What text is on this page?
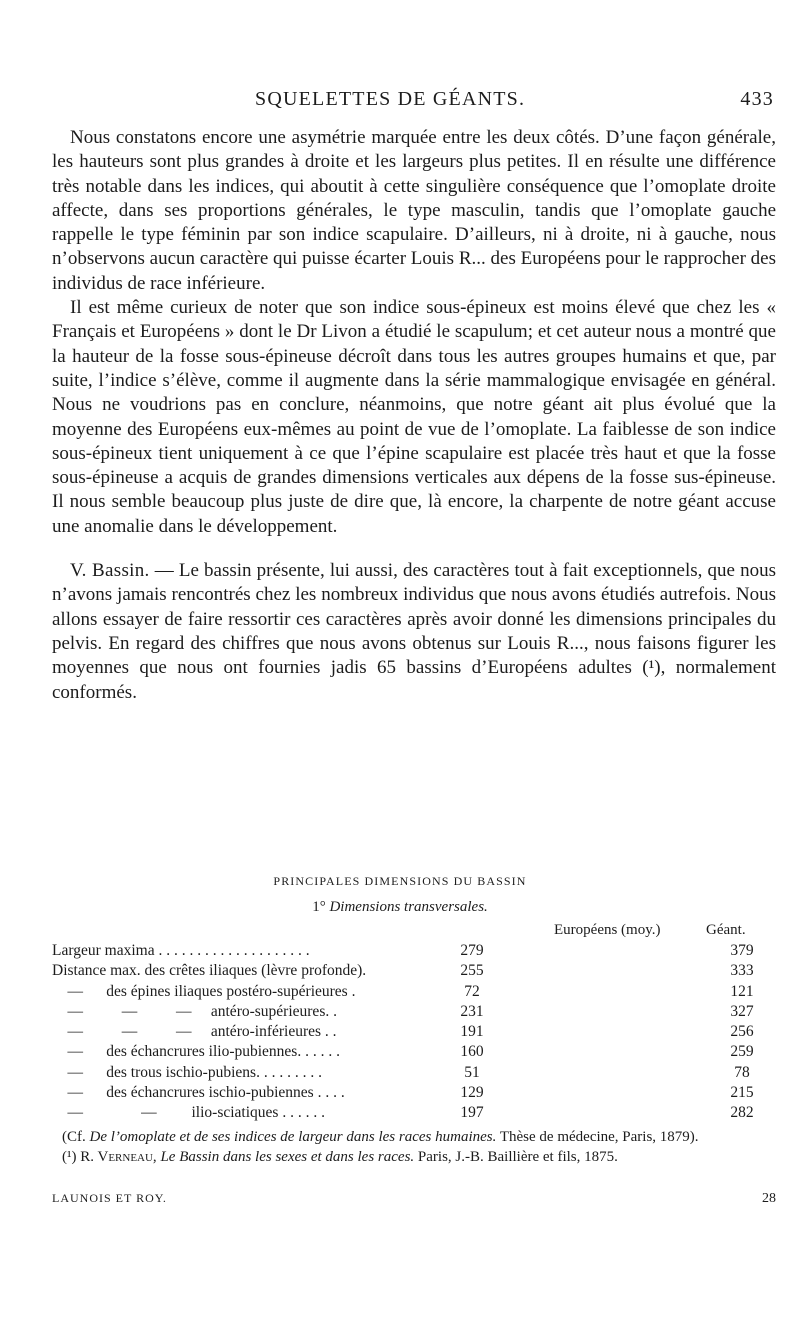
SQUELETTES DE GÉANTS.	433

Nous constatons encore une asymétrie marquée entre les deux côtés. D’une façon générale, les hauteurs sont plus grandes à droite et les largeurs plus petites. Il en résulte une différence très notable dans les indices, qui aboutit à cette singulière conséquence que l’omoplate droite affecte, dans ses proportions générales, le type masculin, tandis que l’omoplate gauche rappelle le type féminin par son indice scapulaire. D’ailleurs, ni à droite, ni à gauche, nous n’observons aucun caractère qui puisse écarter Louis R... des Européens pour le rapprocher des individus de race inférieure.

Il est même curieux de noter que son indice sous-épineux est moins élevé que chez les « Français et Européens » dont le Dr Livon a étudié le scapulum; et cet auteur nous a montré que la hauteur de la fosse sous-épineuse décroît dans tous les autres groupes humains et que, par suite, l’indice s’élève, comme il augmente dans la série mammalogique envisagée en général. Nous ne voudrions pas en conclure, néanmoins, que notre géant ait plus évolué que la moyenne des Européens eux-mêmes au point de vue de l’omoplate. La faiblesse de son indice sous-épineux tient uniquement à ce que l’épine scapulaire est placée très haut et que la fosse sous-épineuse a acquis de grandes dimensions verticales aux dépens de la fosse sus-épineuse. Il nous semble beaucoup plus juste de dire que, là encore, la charpente de notre géant accuse une anomalie dans le développement.

V. Bassin. — Le bassin présente, lui aussi, des caractères tout à fait exceptionnels, que nous n’avons jamais rencontrés chez les nombreux individus que nous avons étudiés autrefois. Nous allons essayer de faire ressortir ces caractères après avoir donné les dimensions principales du pelvis. En regard des chiffres que nous avons obtenus sur Louis R..., nous faisons figurer les moyennes que nous ont fournies jadis 65 bassins d’Européens adultes (¹), normalement conformés.

PRINCIPALES DIMENSIONS DU BASSIN
1° Dimensions transversales.
Européens (moy.)	Géant.
Largeur maxima . . . . . . . . . . . . . . . . . . . .	279	379
Distance max. des crêtes iliaques (lèvre profonde).	255	333
—      des épines iliaques postéro-supérieures .	72	121
—          —          —     antéro-supérieures. .	231	327
—          —          —     antéro-inférieures . .	191	256
—      des échancrures ilio-pubiennes. . . . . .	160	259
—      des trous ischio-pubiens. . . . . . . . .	51	78
—      des échancrures ischio-pubiennes . . . .	129	215
—               —         ilio-sciatiques . . . . . .	197	282

(Cf. De l’omoplate et de ses indices de largeur dans les races humaines. Thèse de médecine, Paris, 1879).

(¹) R. Verneau, Le Bassin dans les sexes et dans les races. Paris, J.-B. Baillière et fils, 1875.

LAUNOIS ET ROY.	28
